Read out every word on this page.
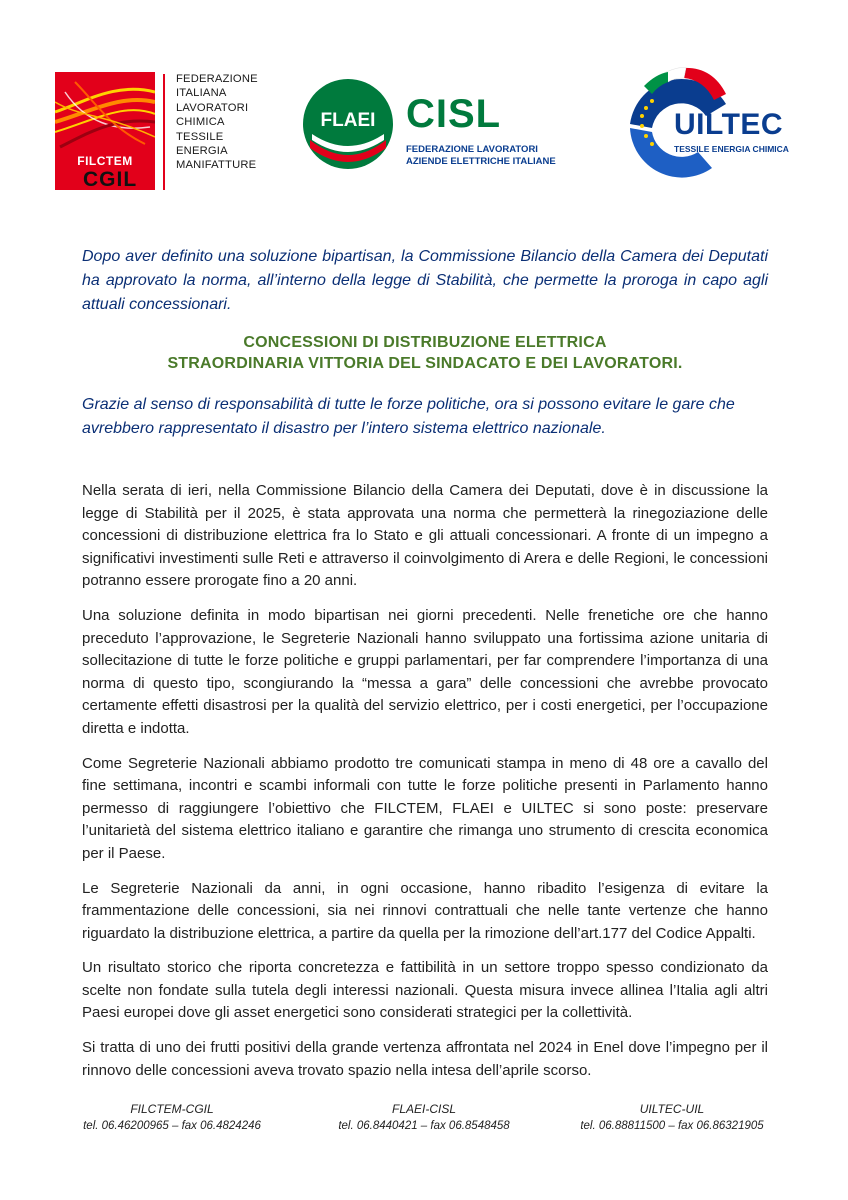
FILCTEM
CGIL
FEDERAZIONE
ITALIANA
LAVORATORI
CHIMICA
TESSILE
ENERGIA
MANIFATTURE
FLAEI CISL
FEDERAZIONE LAVORATORI
AZIENDE ELETTRICHE ITALIANE
UILTEC
TESSILE ENERGIA CHIMICA
Dopo aver definito una soluzione bipartisan, la Commissione Bilancio della Camera dei Deputati ha approvato la norma, all’interno della legge di Stabilità, che permette la proroga in capo agli attuali concessionari.
CONCESSIONI DI DISTRIBUZIONE ELETTRICA
STRAORDINARIA VITTORIA DEL SINDACATO E DEI LAVORATORI.
Grazie al senso di responsabilità di tutte le forze politiche, ora si possono evitare le gare che avrebbero rappresentato il disastro per l’intero sistema elettrico nazionale.

Nella serata di ieri, nella Commissione Bilancio della Camera dei Deputati, dove è in discussione la legge di Stabilità per il 2025, è stata approvata una norma che permetterà la rinegoziazione delle concessioni di distribuzione elettrica fra lo Stato e gli attuali concessionari. A fronte di un impegno a significativi investimenti sulle Reti e attraverso il coinvolgimento di Arera e delle Regioni, le concessioni potranno essere prorogate fino a 20 anni.

Una soluzione definita in modo bipartisan nei giorni precedenti. Nelle frenetiche ore che hanno preceduto l’approvazione, le Segreterie Nazionali hanno sviluppato una fortissima azione unitaria di sollecitazione di tutte le forze politiche e gruppi parlamentari, per far comprendere l’importanza di una norma di questo tipo, scongiurando la “messa a gara” delle concessioni che avrebbe provocato certamente effetti disastrosi per la qualità del servizio elettrico, per i costi energetici, per l’occupazione diretta e indotta.

Come Segreterie Nazionali abbiamo prodotto tre comunicati stampa in meno di 48 ore a cavallo del fine settimana, incontri e scambi informali con tutte le forze politiche presenti in Parlamento hanno permesso di raggiungere l’obiettivo che FILCTEM, FLAEI e UILTEC si sono poste: preservare l’unitarietà del sistema elettrico italiano e garantire che rimanga uno strumento di crescita economica per il Paese.

Le Segreterie Nazionali da anni, in ogni occasione, hanno ribadito l’esigenza di evitare la frammentazione delle concessioni, sia nei rinnovi contrattuali che nelle tante vertenze che hanno riguardato la distribuzione elettrica, a partire da quella per la rimozione dell’art.177 del Codice Appalti.

Un risultato storico che riporta concretezza e fattibilità in un settore troppo spesso condizionato da scelte non fondate sulla tutela degli interessi nazionali. Questa misura invece allinea l’Italia agli altri Paesi europei dove gli asset energetici sono considerati strategici per la collettività.

Si tratta di uno dei frutti positivi della grande vertenza affrontata nel 2024 in Enel dove l’impegno per il rinnovo delle concessioni aveva trovato spazio nella intesa dell’aprile scorso.

FILCTEM-CGIL
tel. 06.46200965 – fax 06.4824246
FLAEI-CISL
tel. 06.8440421 – fax 06.8548458
UILTEC-UIL
tel. 06.88811500 – fax 06.86321905
